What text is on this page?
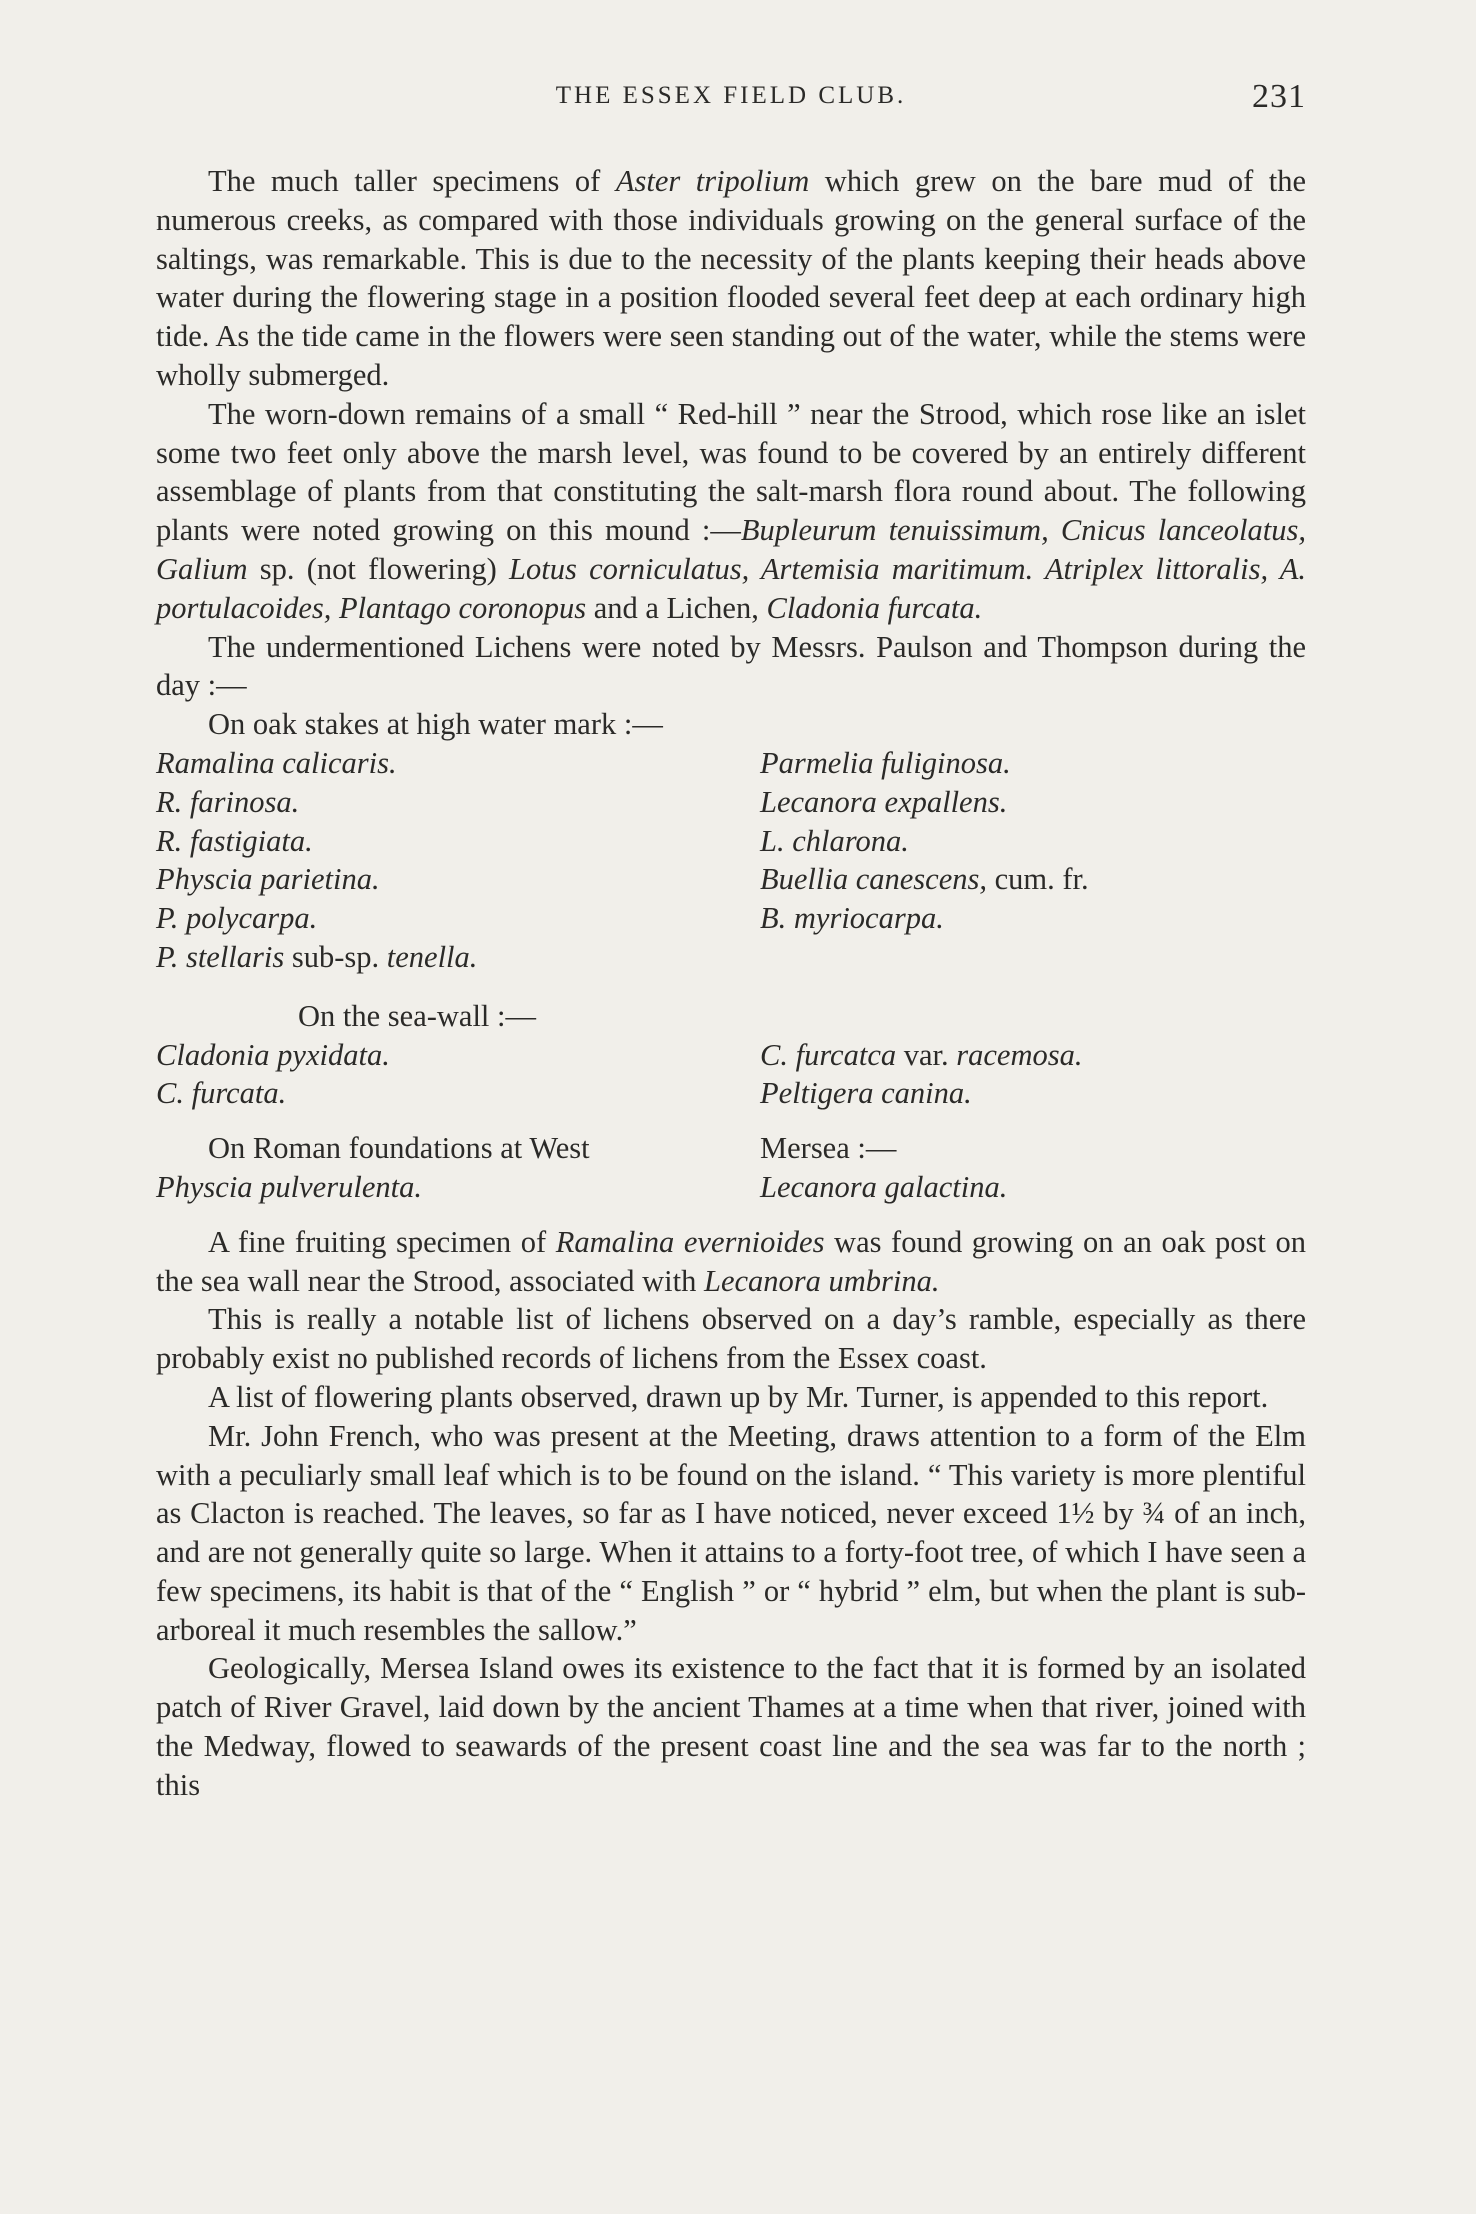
THE ESSEX FIELD CLUB.	231

The much taller specimens of Aster tripolium which grew on the bare mud of the numerous creeks, as compared with those individuals growing on the general surface of the saltings, was remarkable. This is due to the necessity of the plants keeping their heads above water during the flowering stage in a position flooded several feet deep at each ordinary high tide. As the tide came in the flowers were seen standing out of the water, while the stems were wholly submerged.

The worn-down remains of a small “ Red-hill ” near the Strood, which rose like an islet some two feet only above the marsh level, was found to be covered by an entirely different assemblage of plants from that constituting the salt-marsh flora round about. The following plants were noted growing on this mound :—Bupleurum tenuissimum, Cnicus lanceolatus, Galium sp. (not flowering) Lotus corniculatus, Artemisia maritimum. Atriplex littoralis, A. portulacoides, Plantago coronopus and a Lichen, Cladonia furcata.

The undermentioned Lichens were noted by Messrs. Paulson and Thompson during the day :—

On oak stakes at high water mark :—

Ramalina calicaris.
R. farinosa.
R. fastigiata.
Physcia parietina.
P. polycarpa.
P. stellaris sub-sp. tenella.
Parmelia fuliginosa.
Lecanora expallens.
L. chlarona.
Buellia canescens, cum. fr.
B. myriocarpa.

On the sea-wall :—

Cladonia pyxidata.
C. furcata.
C. furcatca var. racemosa.
Peltigera canina.
On Roman foundations at West
Physcia pulverulenta.
Mersea :—
Lecanora galactina.

A fine fruiting specimen of Ramalina evernioides was found growing on an oak post on the sea wall near the Strood, associated with Lecanora umbrina.

This is really a notable list of lichens observed on a day’s ramble, especially as there probably exist no published records of lichens from the Essex coast.

A list of flowering plants observed, drawn up by Mr. Turner, is appended to this report.

Mr. John French, who was present at the Meeting, draws attention to a form of the Elm with a peculiarly small leaf which is to be found on the island. “ This variety is more plentiful as Clacton is reached. The leaves, so far as I have noticed, never exceed 1½ by ¾ of an inch, and are not generally quite so large. When it attains to a forty-foot tree, of which I have seen a few specimens, its habit is that of the “ English ” or “ hybrid ” elm, but when the plant is sub-arboreal it much resembles the sallow.”

Geologically, Mersea Island owes its existence to the fact that it is formed by an isolated patch of River Gravel, laid down by the ancient Thames at a time when that river, joined with the Medway, flowed to seawards of the present coast line and the sea was far to the north ; this
